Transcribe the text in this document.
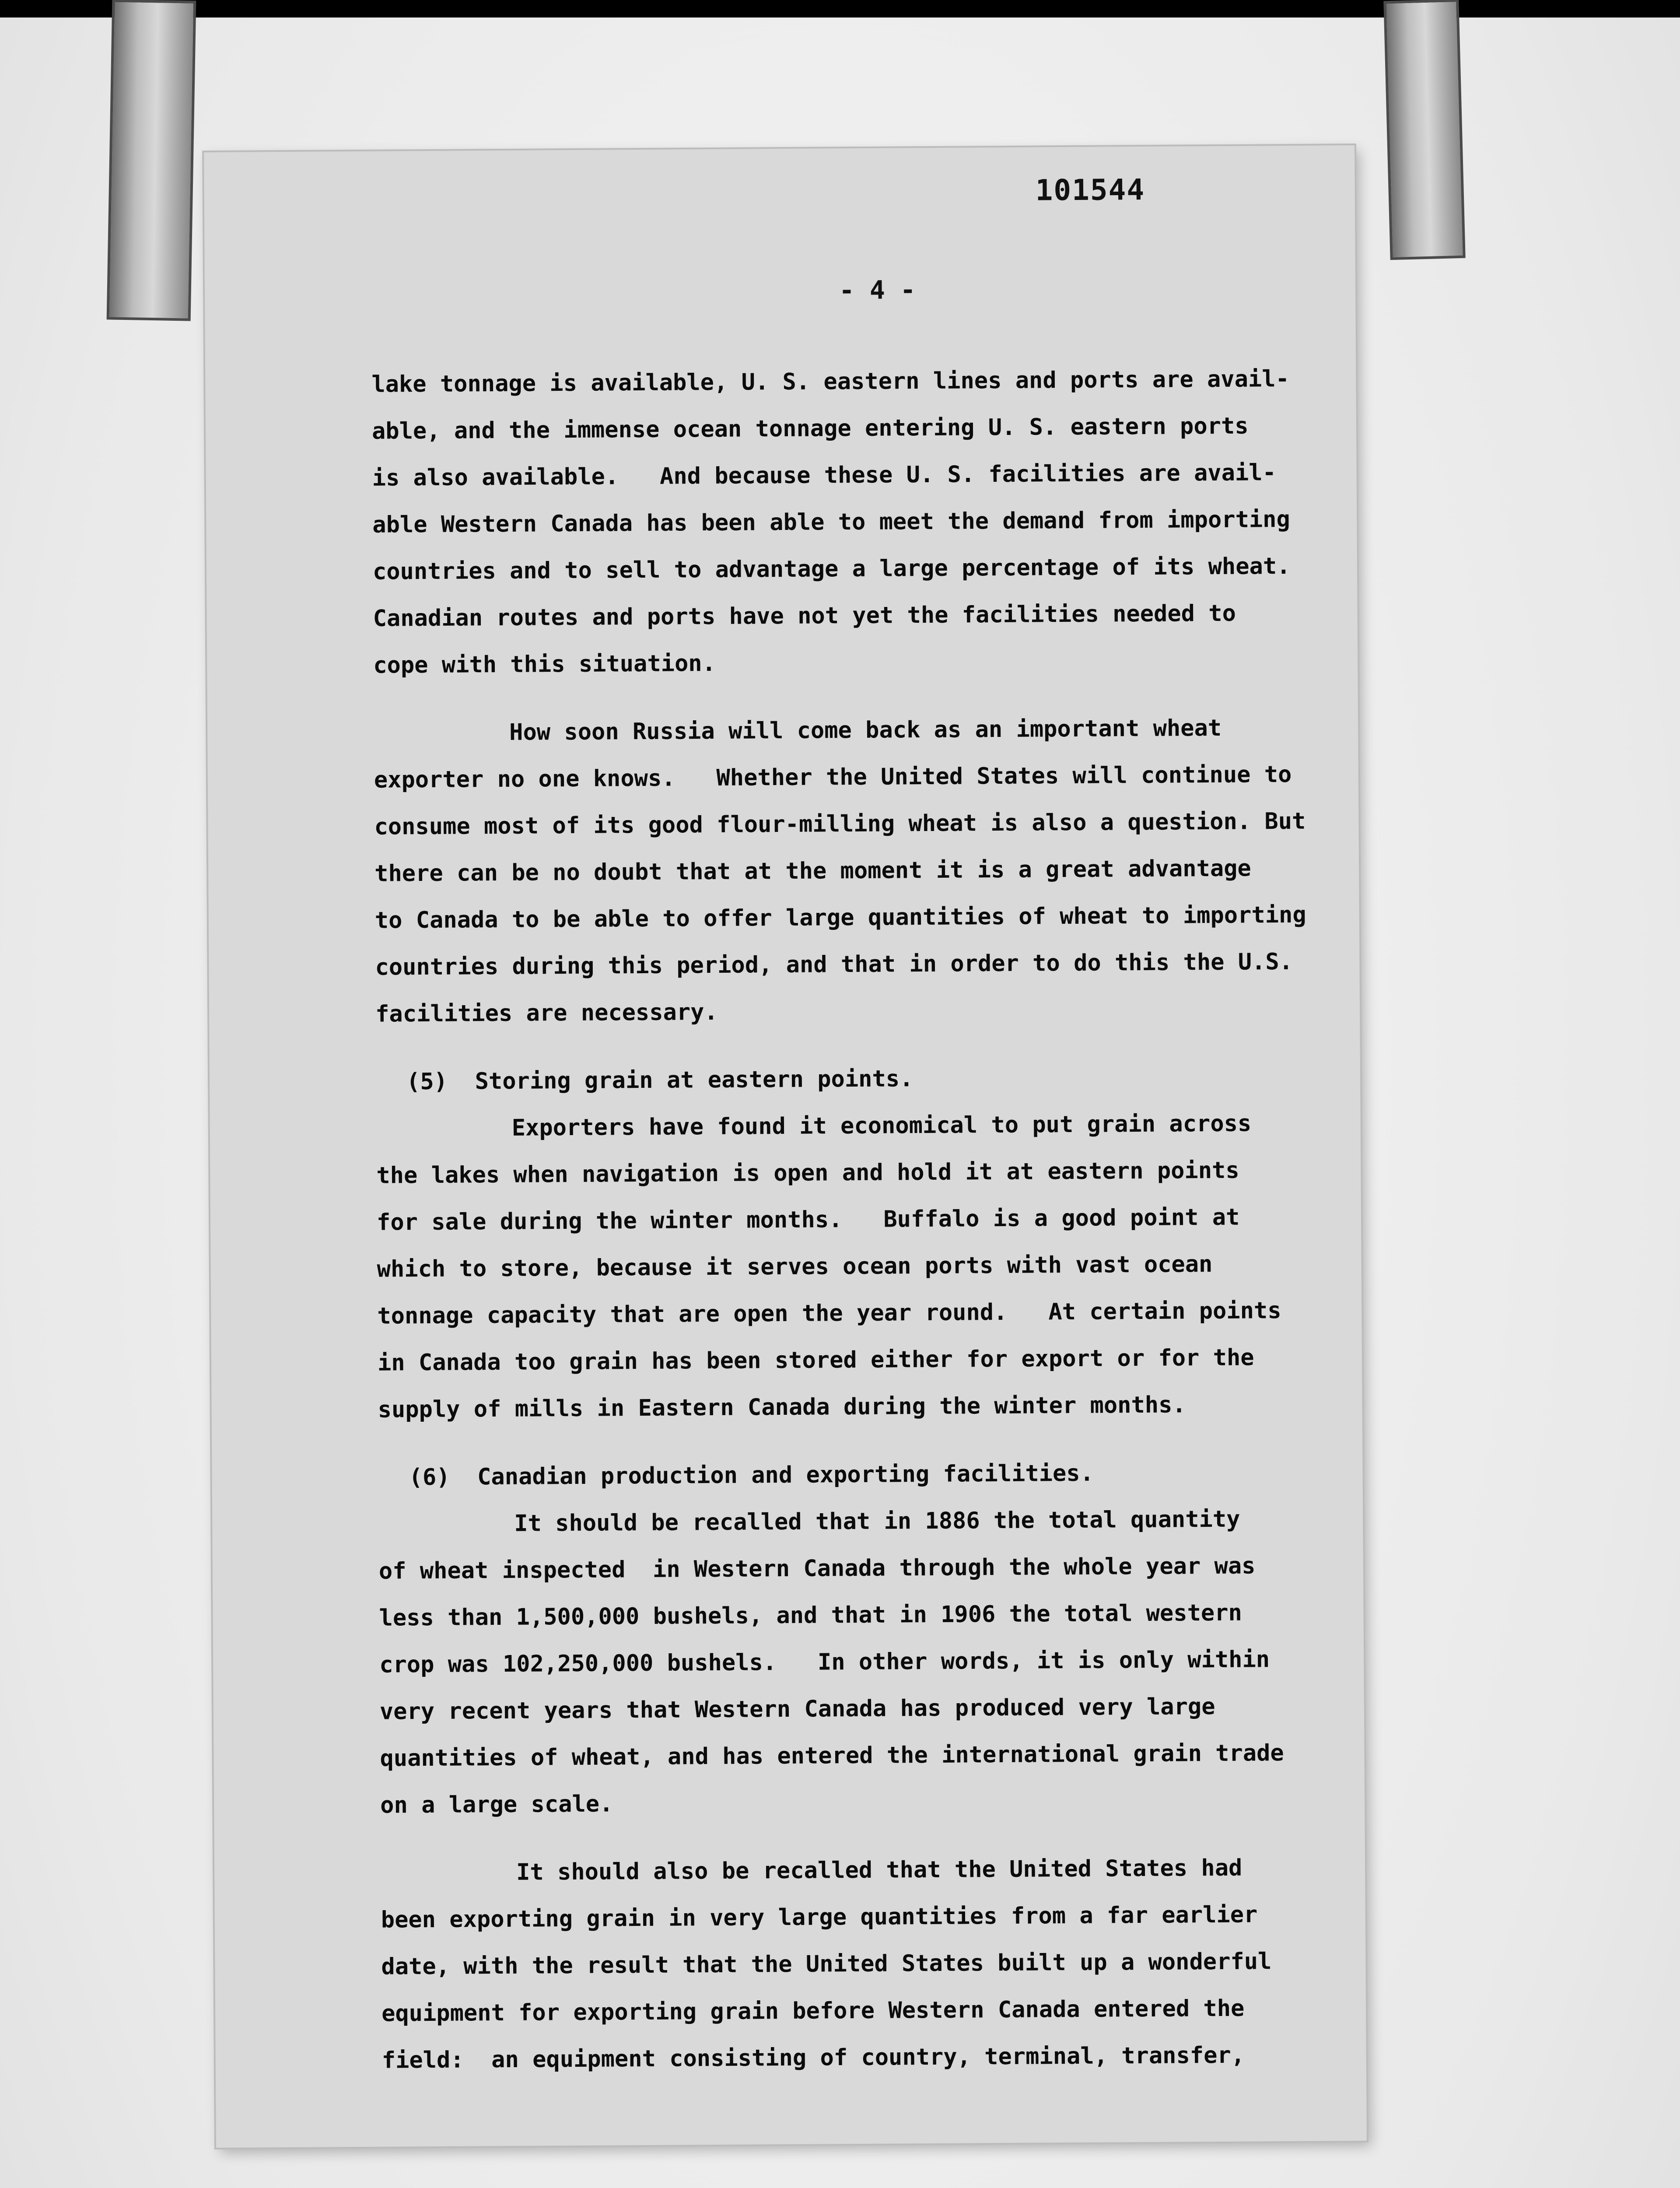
101544
- 4 -
lake tonnage is available, U. S. eastern lines and ports are avail-
able, and the immense ocean tonnage entering U. S. eastern ports
is also available.   And because these U. S. facilities are avail-
able Western Canada has been able to meet the demand from importing
countries and to sell to advantage a large percentage of its wheat.
Canadian routes and ports have not yet the facilities needed to
cope with this situation.
How soon Russia will come back as an important wheat
exporter no one knows.   Whether the United States will continue to
consume most of its good flour-milling wheat is also a question. But
there can be no doubt that at the moment it is a great advantage
to Canada to be able to offer large quantities of wheat to importing
countries during this period, and that in order to do this the U.S.
facilities are necessary.
(5)  Storing grain at eastern points.
Exporters have found it economical to put grain across
the lakes when navigation is open and hold it at eastern points
for sale during the winter months.   Buffalo is a good point at
which to store, because it serves ocean ports with vast ocean
tonnage capacity that are open the year round.   At certain points
in Canada too grain has been stored either for export or for the
supply of mills in Eastern Canada during the winter months.
(6)  Canadian production and exporting facilities.
It should be recalled that in 1886 the total quantity
of wheat inspected  in Western Canada through the whole year was
less than 1,500,000 bushels, and that in 1906 the total western
crop was 102,250,000 bushels.   In other words, it is only within
very recent years that Western Canada has produced very large
quantities of wheat, and has entered the international grain trade
on a large scale.
It should also be recalled that the United States had
been exporting grain in very large quantities from a far earlier
date, with the result that the United States built up a wonderful
equipment for exporting grain before Western Canada entered the
field:  an equipment consisting of country, terminal, transfer,
